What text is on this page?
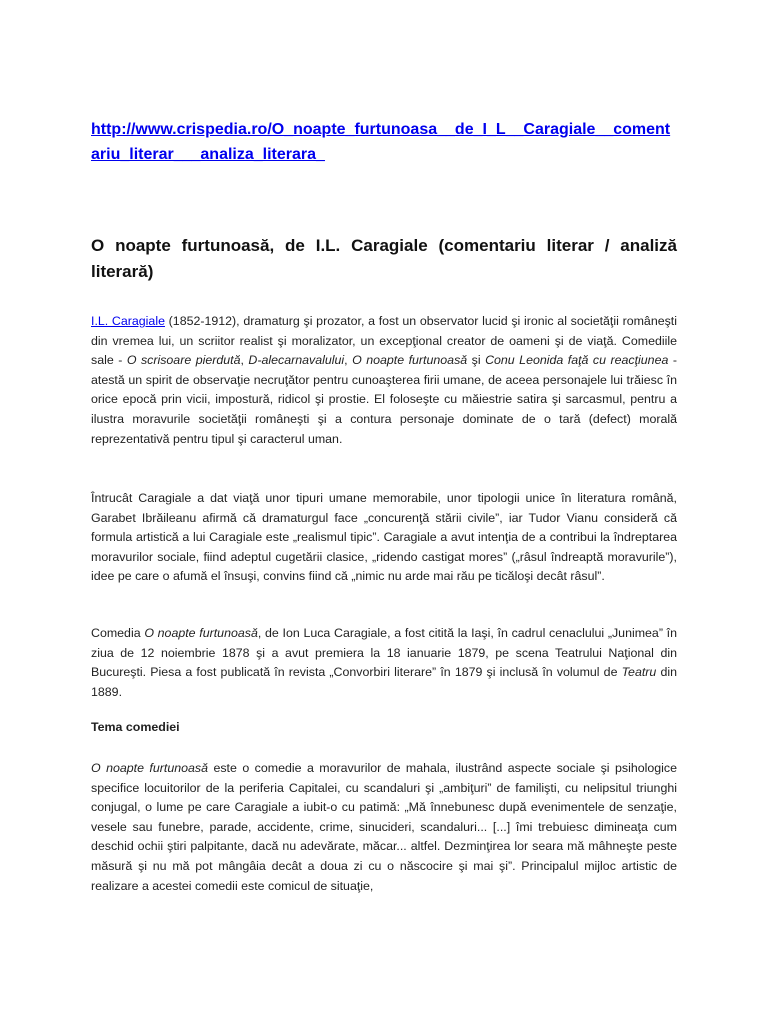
http://www.crispedia.ro/O_noapte_furtunoasa__de_I_L__Caragiale__comentariu_literar___analiza_literara_
O noapte furtunoasă, de I.L. Caragiale (comentariu literar / analiză literară)

I.L. Caragiale (1852-1912), dramaturg şi prozator, a fost un observator lucid şi ironic al societăţii româneşti din vremea lui, un scriitor realist şi moralizator, un excepţional creator de oameni şi de viaţă. Comediile sale - O scrisoare pierdută, D-alecarnavalului, O noapte furtunoasă şi Conu Leonida faţă cu reacţiunea - atestă un spirit de observaţie necruţător pentru cunoaşterea firii umane, de aceea personajele lui trăiesc în orice epocă prin vicii, impostură, ridicol şi prostie. El foloseşte cu măiestrie satira şi sarcasmul, pentru a ilustra moravurile societăţii româneşti şi a contura personaje dominate de o tară (defect) morală reprezentativă pentru tipul şi caracterul uman.

Întrucât Caragiale a dat viaţă unor tipuri umane memorabile, unor tipologii unice în literatura română, Garabet Ibrăileanu afirmă că dramaturgul face „concurenţă stării civile”, iar Tudor Vianu consideră că formula artistică a lui Caragiale este „realismul tipic”. Caragiale a avut intenţia de a contribui la îndreptarea moravurilor sociale, fiind adeptul cugetării clasice, „ridendo castigat mores” („râsul îndreaptă moravurile”), idee pe care o afumă el însuşi, convins fiind că „nimic nu arde mai rău pe ticăloşi decât râsul”.

Comedia O noapte furtunoasă, de Ion Luca Caragiale, a fost citită la Iaşi, în cadrul cenaclului „Junimea” în ziua de 12 noiembrie 1878 şi a avut premiera la 18 ianuarie 1879, pe scena Teatrului Naţional din Bucureşti. Piesa a fost publicată în revista „Convorbiri literare” în 1879 şi inclusă în volumul de Teatru din 1889.

Tema comediei

O noapte furtunoasă este o comedie a moravurilor de mahala, ilustrând aspecte sociale şi psihologice specifice locuitorilor de la periferia Capitalei, cu scandaluri şi „ambiţuri” de familişti, cu nelipsitul triunghi conjugal, o lume pe care Caragiale a iubit-o cu patimă: „Mă înnebunesc după evenimentele de senzaţie, vesele sau funebre, parade, accidente, crime, sinucideri, scandaluri... [...] îmi trebuiesc dimineaţa cum deschid ochii ştiri palpitante, dacă nu adevărate, măcar... altfel. Dezminţirea lor seara mă mâhneşte peste măsură şi nu mă pot mângâia decât a doua zi cu o născocire şi mai şi”. Principalul mijloc artistic de realizare a acestei comedii este comicul de situaţie,
